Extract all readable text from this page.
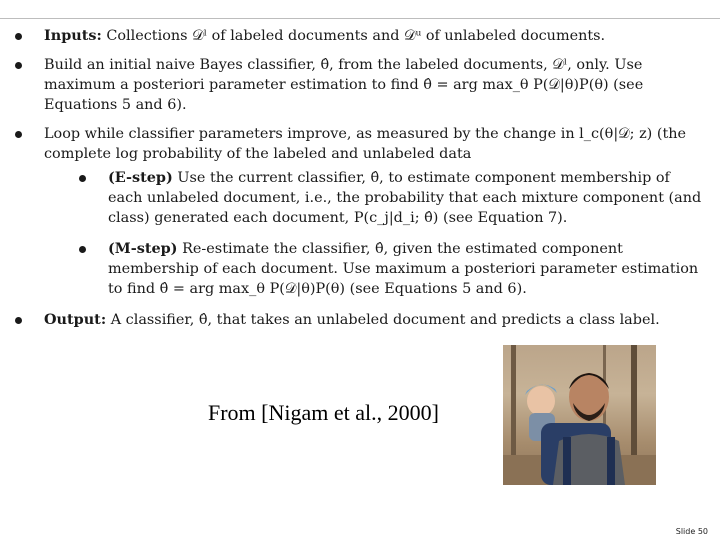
Inputs: Collections 𝒟ˡ of labeled documents and 𝒟ᵘ of unlabeled documents.
Build an initial naive Bayes classifier, θ̂, from the labeled documents, 𝒟ˡ, only. Use maximum a posteriori parameter estimation to find θ̂ = arg max_θ P(𝒟|θ)P(θ) (see Equations 5 and 6).
Loop while classifier parameters improve, as measured by the change in l_c(θ|𝒟; z) (the complete log probability of the labeled and unlabeled data
(E-step) Use the current classifier, θ̂, to estimate component membership of each unlabeled document, i.e., the probability that each mixture component (and class) generated each document, P(c_j|d_i; θ̂) (see Equation 7).
(M-step) Re-estimate the classifier, θ̂, given the estimated component membership of each document. Use maximum a posteriori parameter estimation to find θ̂ = arg max_θ P(𝒟|θ)P(θ) (see Equations 5 and 6).
Output: A classifier, θ̂, that takes an unlabeled document and predicts a class label.
From [Nigam et al., 2000]
Slide 50
